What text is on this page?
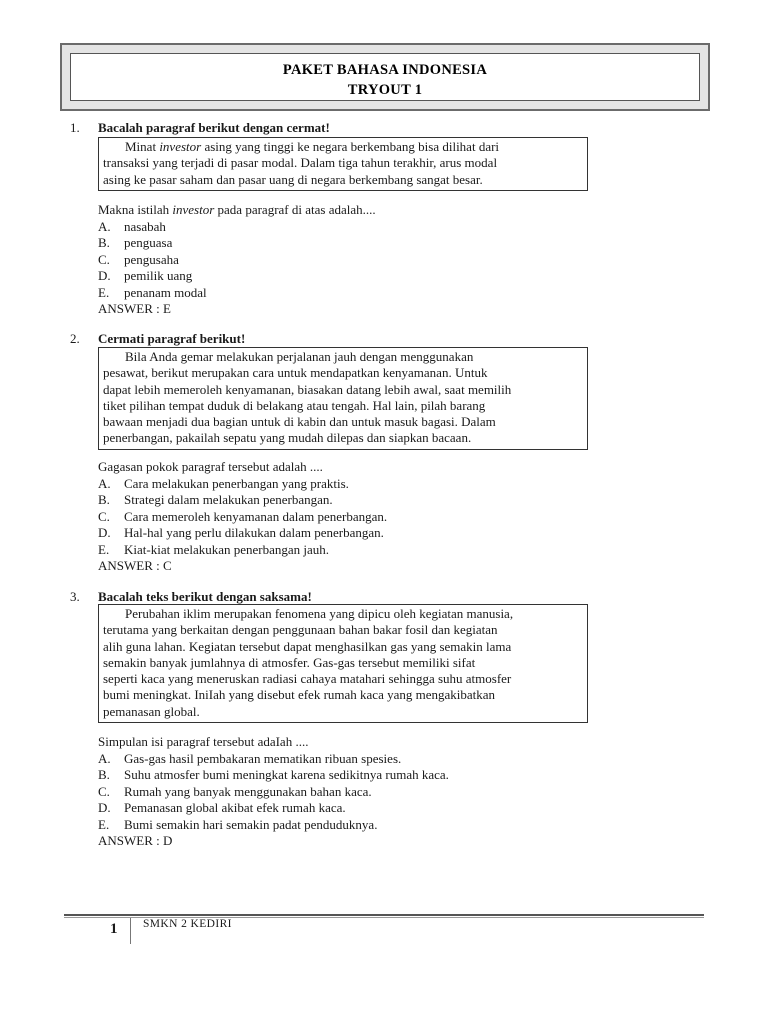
PAKET BAHASA INDONESIA
TRYOUT 1
1. Bacalah paragraf berikut dengan cermat!
Minat investor asing yang tinggi ke negara berkembang bisa dilihat dari
transaksi yang terjadi di pasar modal. Dalam tiga tahun terakhir, arus modal
asing ke pasar saham dan pasar uang di negara berkembang sangat besar.
Makna istilah investor pada paragraf di atas adalah....
A.	nasabah
B.	penguasa
C.	pengusaha
D.	pemilik uang
E.	penanam modal
ANSWER : E
2. Cermati paragraf berikut!
Bila Anda gemar melakukan perjalanan jauh dengan menggunakan
pesawat, berikut merupakan cara untuk mendapatkan kenyamanan. Untuk
dapat lebih memeroleh kenyamanan, biasakan datang lebih awal, saat memilih
tiket pilihan tempat duduk di belakang atau tengah. Hal lain, pilah barang
bawaan menjadi dua bagian untuk di kabin dan untuk masuk bagasi. Dalam
penerbangan, pakailah sepatu yang mudah dilepas dan siapkan bacaan.
Gagasan pokok paragraf tersebut adalah ....
A.	Cara melakukan penerbangan yang praktis.
B.	Strategi dalam melakukan penerbangan.
C.	Cara memeroleh kenyamanan dalam penerbangan.
D.	Hal-hal yang perlu dilakukan dalam penerbangan.
E.	Kiat-kiat melakukan penerbangan jauh.
ANSWER : C
3. Bacalah teks berikut dengan saksama!
Perubahan iklim merupakan fenomena yang dipicu oleh kegiatan manusia,
terutama yang berkaitan dengan penggunaan bahan bakar fosil dan kegiatan
alih guna lahan. Kegiatan tersebut dapat menghasilkan gas yang semakin lama
semakin banyak jumlahnya di atmosfer. Gas-gas tersebut memiliki sifat
seperti kaca yang meneruskan radiasi cahaya matahari sehingga suhu atmosfer
bumi meningkat. IniIah yang disebut efek rumah kaca yang mengakibatkan
pemanasan global.
Simpulan isi paragraf tersebut adaIah ....
A.	Gas-gas hasil pembakaran mematikan ribuan spesies.
B.	Suhu atmosfer bumi meningkat karena sedikitnya rumah kaca.
C.	Rumah yang banyak menggunakan bahan kaca.
D.	Pemanasan global akibat efek rumah kaca.
E.	Bumi semakin hari semakin padat penduduknya.
ANSWER : D
1 SMKN 2 KEDIRI
